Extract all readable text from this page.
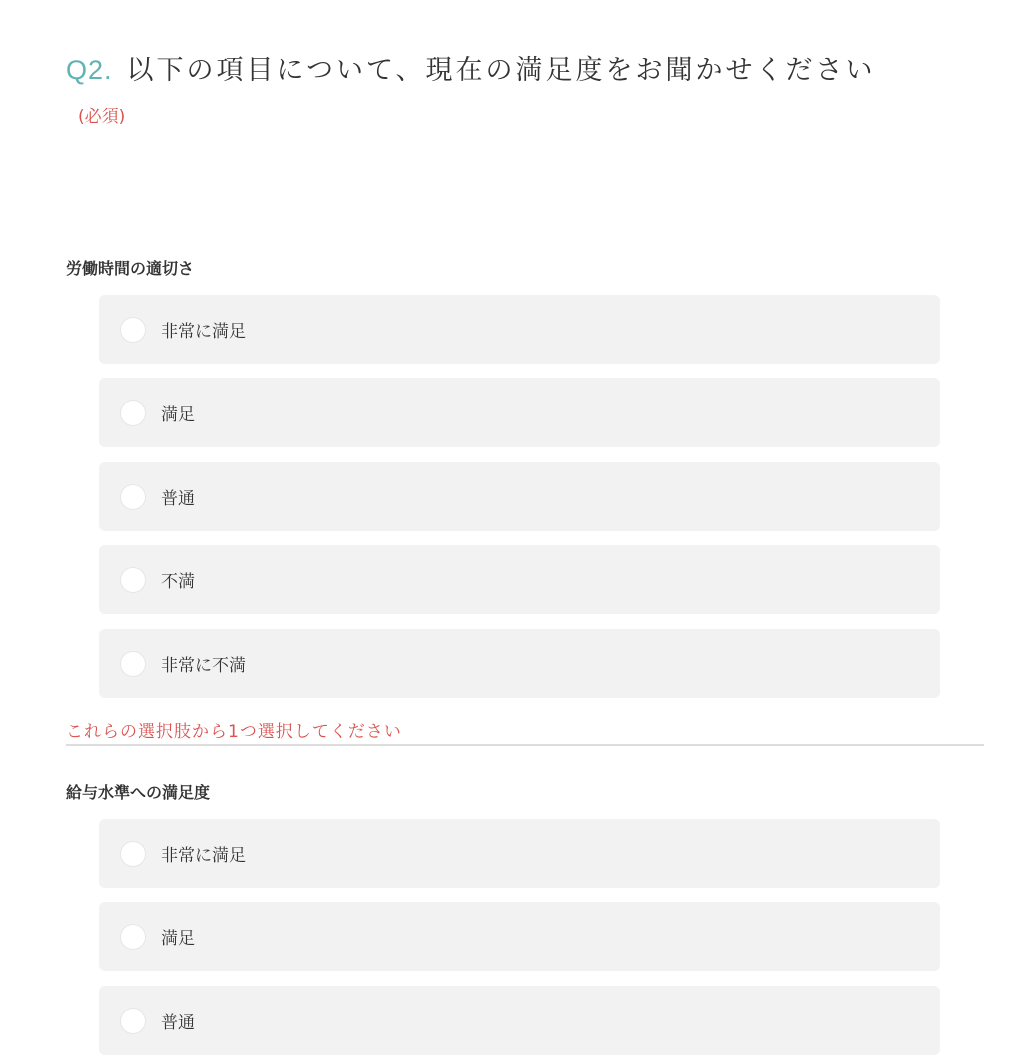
Q2. 以下の項目について、現在の満足度をお聞かせください
(必須)
労働時間の適切さ
非常に満足
満足
普通
不満
非常に不満
これらの選択肢から1つ選択してください
給与水準への満足度
非常に満足
満足
普通
